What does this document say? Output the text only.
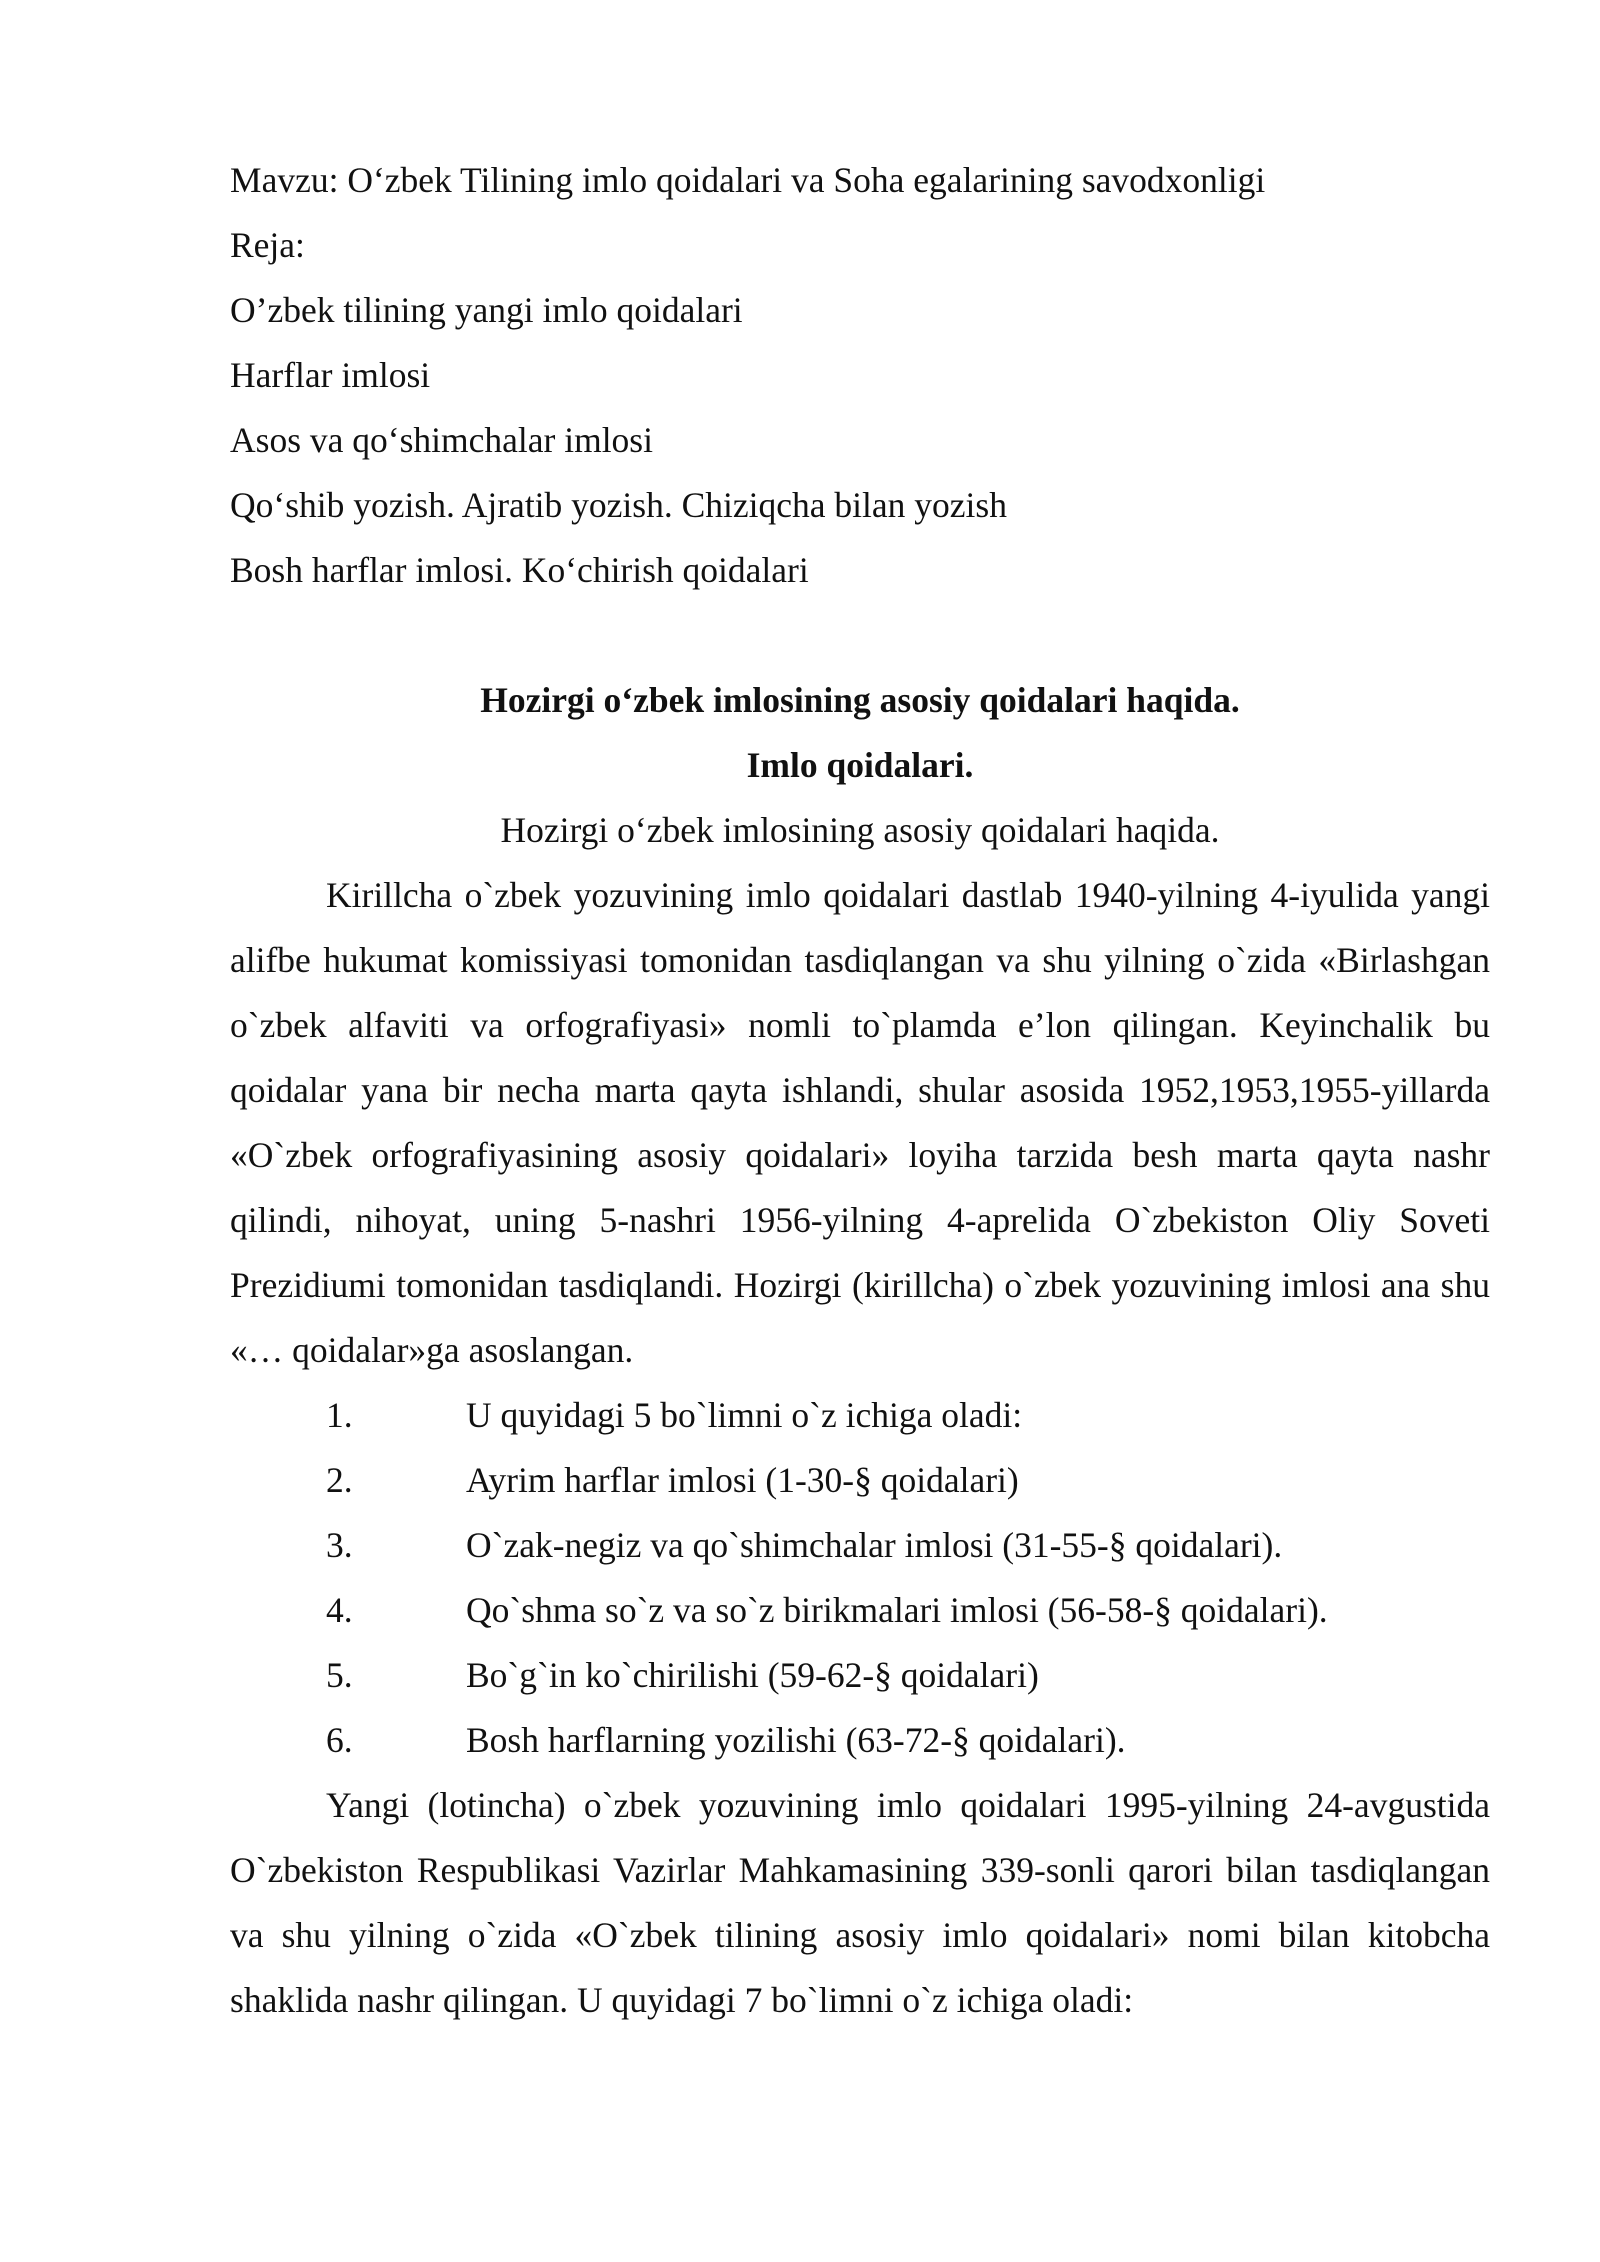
Mavzu: Oʻzbek Tilining imlo qoidalari va Soha egalarining savodxonligi

Reja:

O’zbek tilining yangi imlo qoidalari

Harflar imlosi

Asos va qoʻshimchalar imlosi

Qoʻshib yozish. Ajratib yozish. Chiziqcha bilan yozish

Bosh harflar imlosi. Koʻchirish qoidalari

Hozirgi oʻzbek imlosining asosiy qoidalari haqida.

Imlo qoidalari.

Hozirgi oʻzbek imlosining asosiy qoidalari haqida.

Kirillcha o`zbek yozuvining imlo qoidalari dastlab 1940-yilning 4-iyulida yangi alifbe hukumat komissiyasi tomonidan tasdiqlangan va shu yilning o`zida «Birlashgan o`zbek alfaviti va orfografiyasi» nomli to`plamda e’lon qilingan. Keyinchalik bu qoidalar yana bir necha marta qayta ishlandi, shular asosida 1952,1953,1955-yillarda «O`zbek orfografiyasining asosiy qoidalari» loyiha tarzida besh marta qayta nashr qilindi, nihoyat, uning 5-nashri 1956-yilning 4-aprelida O`zbekiston Oliy Soveti Prezidiumi tomonidan tasdiqlandi. Hozirgi (kirillcha) o`zbek yozuvining imlosi ana shu «… qoidalar»ga asoslangan.

1.	U quyidagi 5 bo`limni o`z ichiga oladi:
2.	Ayrim harflar imlosi (1-30-§ qoidalari)
3.	O`zak-negiz va qo`shimchalar imlosi (31-55-§ qoidalari).
4.	Qo`shma so`z va so`z birikmalari imlosi (56-58-§ qoidalari).
5.	Bo`g`in ko`chirilishi (59-62-§ qoidalari)
6.	Bosh harflarning yozilishi (63-72-§ qoidalari).

Yangi (lotincha) o`zbek yozuvining imlo qoidalari 1995-yilning 24-avgustida O`zbekiston Respublikasi Vazirlar Mahkamasining 339-sonli qarori bilan tasdiqlangan va shu yilning o`zida «O`zbek tilining asosiy imlo qoidalari» nomi bilan kitobcha shaklida nashr qilingan. U quyidagi 7 bo`limni o`z ichiga oladi:
